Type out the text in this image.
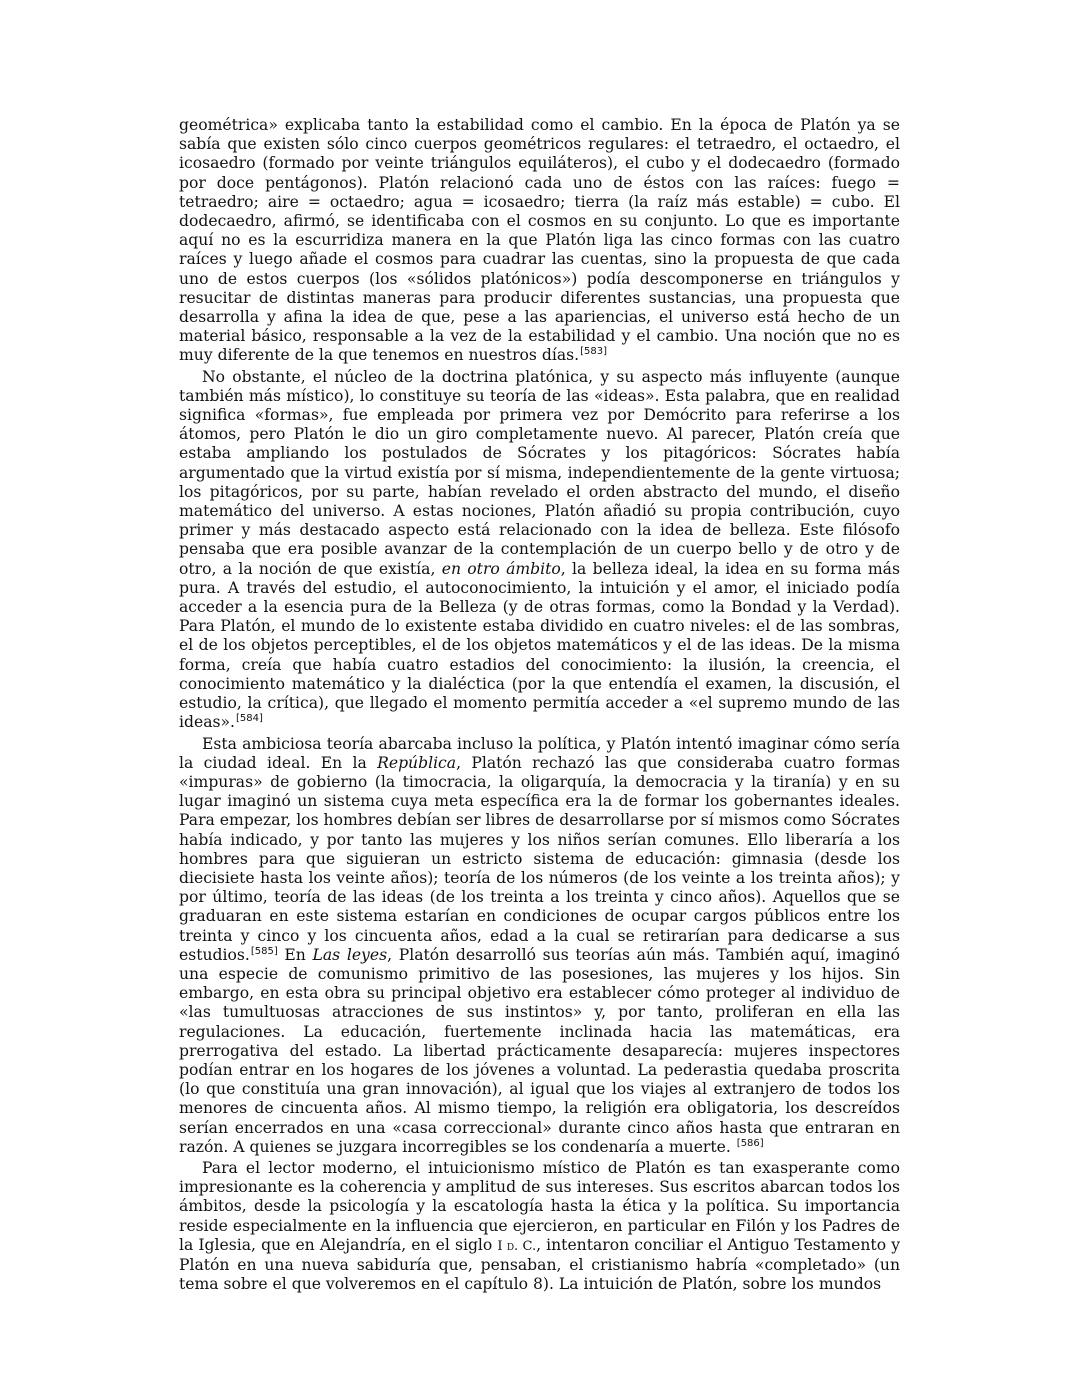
geométrica» explicaba tanto la estabilidad como el cambio. En la época de Platón ya se sabía que existen sólo cinco cuerpos geométricos regulares: el tetraedro, el octaedro, el icosaedro (formado por veinte triángulos equiláteros), el cubo y el dodecaedro (formado por doce pentágonos). Platón relacionó cada uno de éstos con las raíces: fuego = tetraedro; aire = octaedro; agua = icosaedro; tierra (la raíz más estable) = cubo. El dodecaedro, afirmó, se identificaba con el cosmos en su conjunto. Lo que es importante aquí no es la escurridiza manera en la que Platón liga las cinco formas con las cuatro raíces y luego añade el cosmos para cuadrar las cuentas, sino la propuesta de que cada uno de estos cuerpos (los «sólidos platónicos») podía descomponerse en triángulos y resucitar de distintas maneras para producir diferentes sustancias, una propuesta que desarrolla y afina la idea de que, pese a las apariencias, el universo está hecho de un material básico, responsable a la vez de la estabilidad y el cambio. Una noción que no es muy diferente de la que tenemos en nuestros días.[583]

No obstante, el núcleo de la doctrina platónica, y su aspecto más influyente (aunque también más místico), lo constituye su teoría de las «ideas». Esta palabra, que en realidad significa «formas», fue empleada por primera vez por Demócrito para referirse a los átomos, pero Platón le dio un giro completamente nuevo. Al parecer, Platón creía que estaba ampliando los postulados de Sócrates y los pitagóricos: Sócrates había argumentado que la virtud existía por sí misma, independientemente de la gente virtuosa; los pitagóricos, por su parte, habían revelado el orden abstracto del mundo, el diseño matemático del universo. A estas nociones, Platón añadió su propia contribución, cuyo primer y más destacado aspecto está relacionado con la idea de belleza. Este filósofo pensaba que era posible avanzar de la contemplación de un cuerpo bello y de otro y de otro, a la noción de que existía, en otro ámbito, la belleza ideal, la idea en su forma más pura. A través del estudio, el autoconocimiento, la intuición y el amor, el iniciado podía acceder a la esencia pura de la Belleza (y de otras formas, como la Bondad y la Verdad). Para Platón, el mundo de lo existente estaba dividido en cuatro niveles: el de las sombras, el de los objetos perceptibles, el de los objetos matemáticos y el de las ideas. De la misma forma, creía que había cuatro estadios del conocimiento: la ilusión, la creencia, el conocimiento matemático y la dialéctica (por la que entendía el examen, la discusión, el estudio, la crítica), que llegado el momento permitía acceder a «el supremo mundo de las ideas».[584]

Esta ambiciosa teoría abarcaba incluso la política, y Platón intentó imaginar cómo sería la ciudad ideal. En la República, Platón rechazó las que consideraba cuatro formas «impuras» de gobierno (la timocracia, la oligarquía, la democracia y la tiranía) y en su lugar imaginó un sistema cuya meta específica era la de formar los gobernantes ideales. Para empezar, los hombres debían ser libres de desarrollarse por sí mismos como Sócrates había indicado, y por tanto las mujeres y los niños serían comunes. Ello liberaría a los hombres para que siguieran un estricto sistema de educación: gimnasia (desde los diecisiete hasta los veinte años); teoría de los números (de los veinte a los treinta años); y por último, teoría de las ideas (de los treinta a los treinta y cinco años). Aquellos que se graduaran en este sistema estarían en condiciones de ocupar cargos públicos entre los treinta y cinco y los cincuenta años, edad a la cual se retirarían para dedicarse a sus estudios.[585] En Las leyes, Platón desarrolló sus teorías aún más. También aquí, imaginó una especie de comunismo primitivo de las posesiones, las mujeres y los hijos. Sin embargo, en esta obra su principal objetivo era establecer cómo proteger al individuo de «las tumultuosas atracciones de sus instintos» y, por tanto, proliferan en ella las regulaciones. La educación, fuertemente inclinada hacia las matemáticas, era prerrogativa del estado. La libertad prácticamente desaparecía: mujeres inspectores podían entrar en los hogares de los jóvenes a voluntad. La pederastia quedaba proscrita (lo que constituía una gran innovación), al igual que los viajes al extranjero de todos los menores de cincuenta años. Al mismo tiempo, la religión era obligatoria, los descreídos serían encerrados en una «casa correccional» durante cinco años hasta que entraran en razón. A quienes se juzgara incorregibles se los condenaría a muerte. [586]

Para el lector moderno, el intuicionismo místico de Platón es tan exasperante como impresionante es la coherencia y amplitud de sus intereses. Sus escritos abarcan todos los ámbitos, desde la psicología y la escatología hasta la ética y la política. Su importancia reside especialmente en la influencia que ejercieron, en particular en Filón y los Padres de la Iglesia, que en Alejandría, en el siglo I d. C., intentaron conciliar el Antiguo Testamento y Platón en una nueva sabiduría que, pensaban, el cristianismo habría «completado» (un tema sobre el que volveremos en el capítulo 8). La intuición de Platón, sobre los mundos
